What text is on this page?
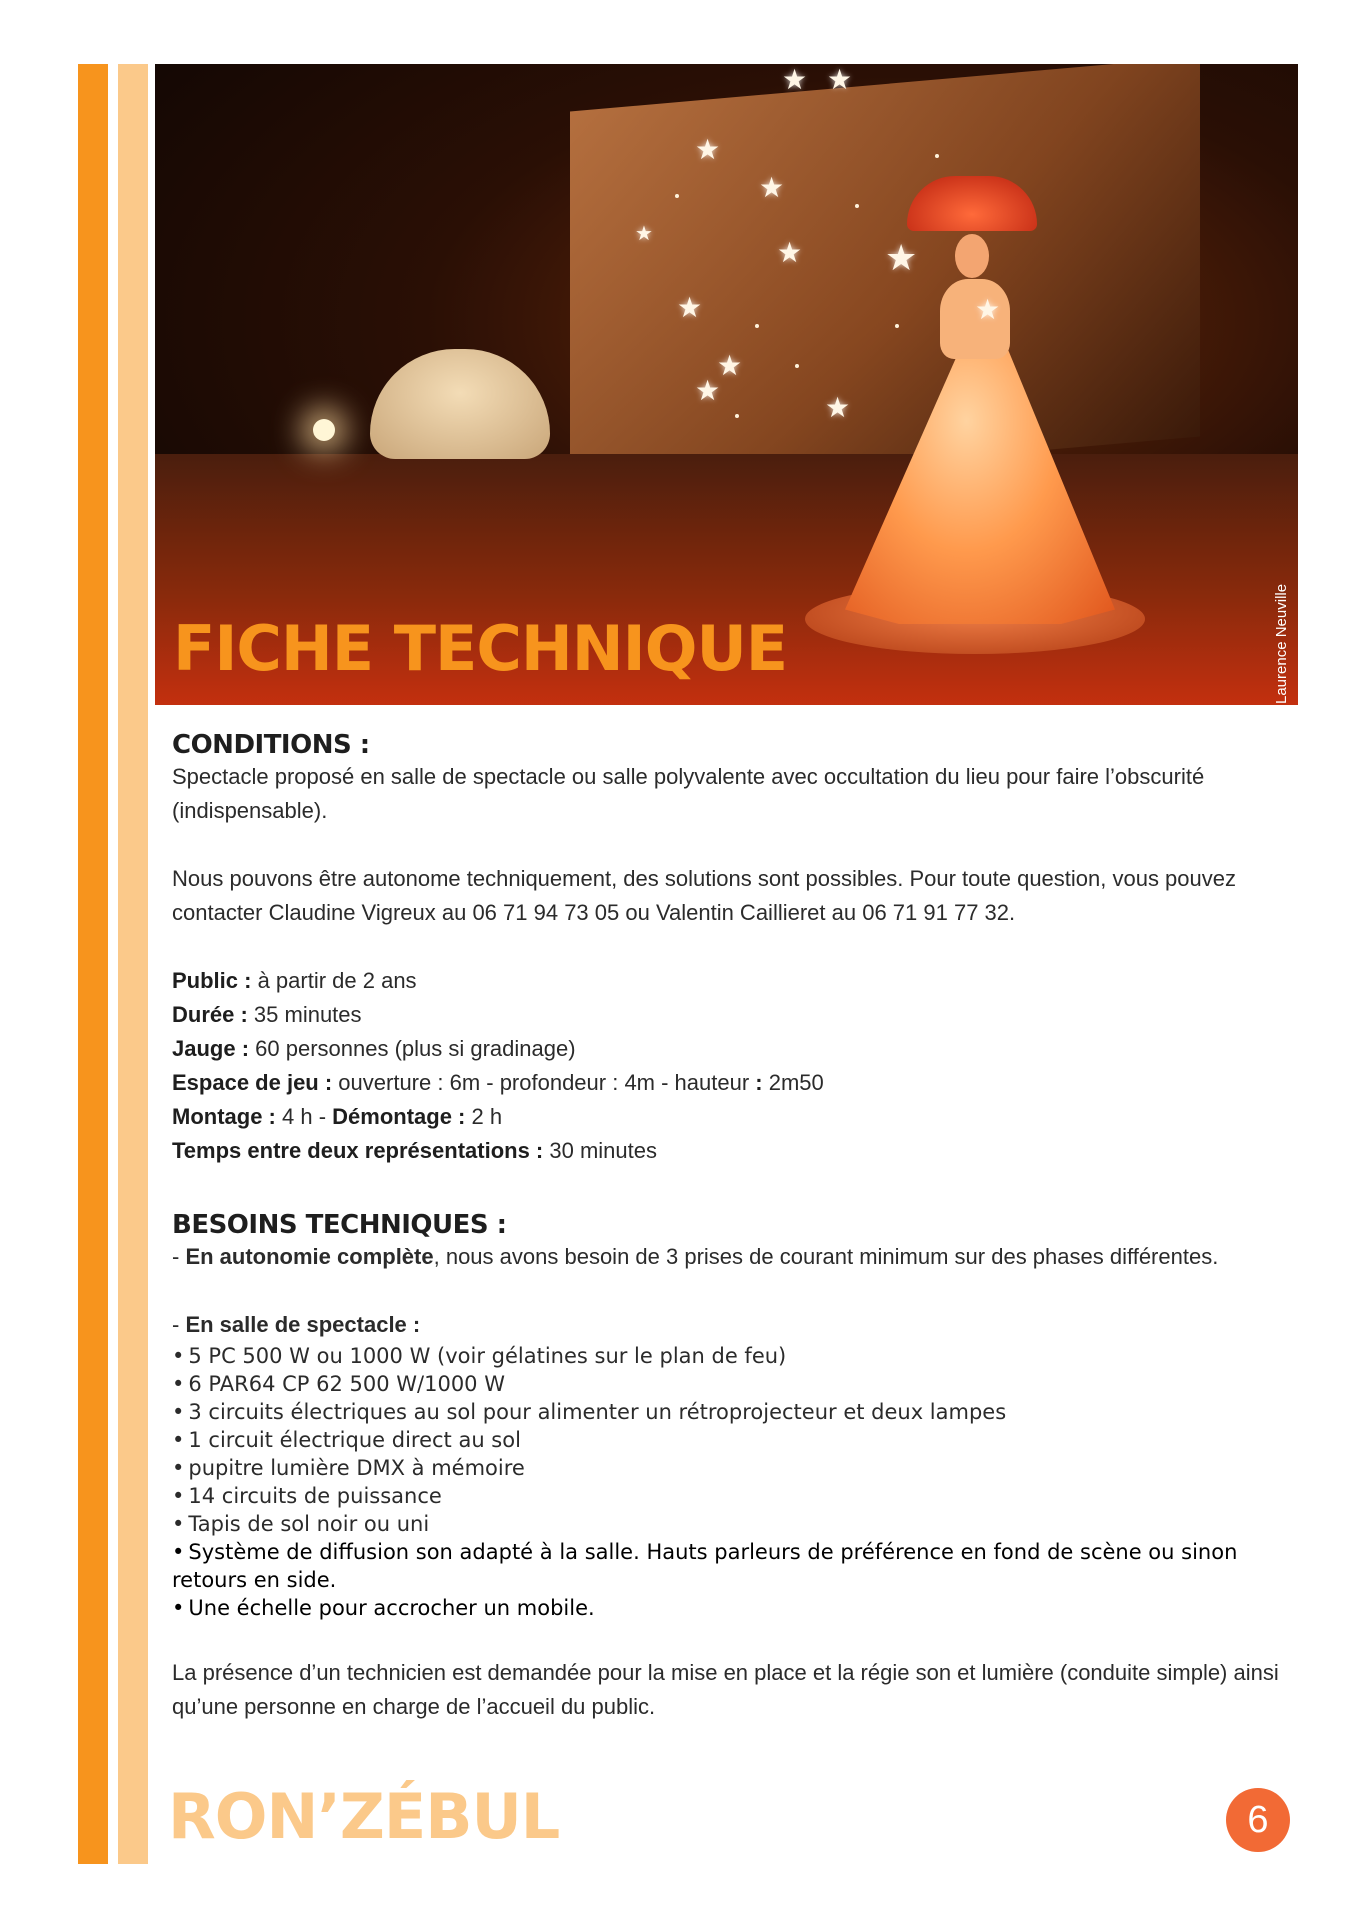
★ ★
★
★
★ ★
★
★
★
★
★
★
FICHE TECHNIQUE	Laurence Neuville
CONDITIONS :

Spectacle proposé en salle de spectacle ou salle polyvalente avec occultation du lieu pour faire l’obscurité (indispensable).

Nous pouvons être autonome techniquement, des solutions sont possibles. Pour toute question, vous pouvez contacter Claudine Vigreux au 06 71 94 73 05 ou Valentin Caillieret au 06 71 91 77 32.

Public : à partir de 2 ans
Durée : 35 minutes
Jauge : 60 personnes (plus si gradinage)
Espace de jeu : ouverture : 6m - profondeur : 4m - hauteur : 2m50
Montage : 4 h - Démontage : 2 h
Temps entre deux représentations : 30 minutes
BESOINS TECHNIQUES :

- En autonomie complète, nous avons besoin de 3 prises de courant minimum sur des phases différentes.

- En salle de spectacle :

• 5 PC 500 W ou 1000 W (voir gélatines sur le plan de feu)
• 6 PAR64 CP 62 500 W/1000 W
• 3 circuits électriques au sol pour alimenter un rétroprojecteur et deux lampes
• 1 circuit électrique direct au sol
• pupitre lumière DMX à mémoire
• 14 circuits de puissance
• Tapis de sol noir ou uni
• Système de diffusion son adapté à la salle. Hauts parleurs de préférence en fond de scène ou sinon retours en side.
• Une échelle pour accrocher un mobile.

La présence d’un technicien est demandée pour la mise en place et la régie son et lumière (conduite simple) ainsi qu’une personne en charge de l’accueil du public.

RON’ZÉBUL	6
